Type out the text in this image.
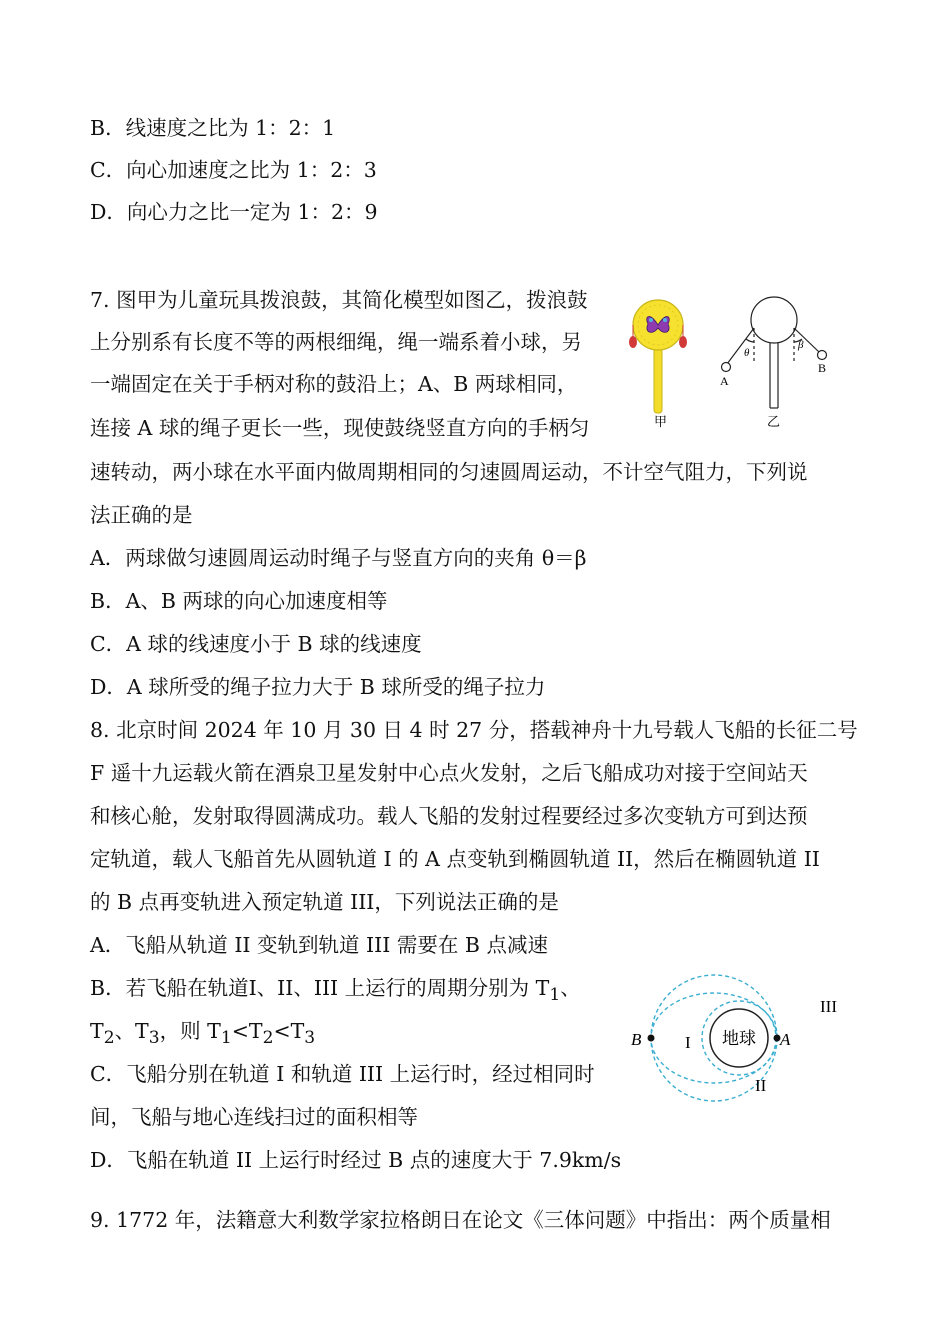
B．线速度之比为 1：2：1
C．向心加速度之比为 1：2：3
D．向心力之比一定为 1：2：9
7. 图甲为儿童玩具拨浪鼓，其简化模型如图乙，拨浪鼓
上分别系有长度不等的两根细绳，绳一端系着小球，另
一端固定在关于手柄对称的鼓沿上；A、B 两球相同，
连接 A 球的绳子更长一些，现使鼓绕竖直方向的手柄匀
速转动，两小球在水平面内做周期相同的匀速圆周运动，不计空气阻力，下列说
法正确的是
A．两球做匀速圆周运动时绳子与竖直方向的夹角 θ＝β
B．A、B 两球的向心加速度相等
C．A 球的线速度小于 B 球的线速度
D．A 球所受的绳子拉力大于 B 球所受的绳子拉力
甲
θ
β
A
B
乙
8. 北京时间 2024 年 10 月 30 日 4 时 27 分，搭载神舟十九号载人飞船的长征二号
F 遥十九运载火箭在酒泉卫星发射中心点火发射，之后飞船成功对接于空间站天
和核心舱，发射取得圆满成功。载人飞船的发射过程要经过多次变轨方可到达预
定轨道，载人飞船首先从圆轨道 I 的 A 点变轨到椭圆轨道 II，然后在椭圆轨道 II
的 B 点再变轨进入预定轨道 III，下列说法正确的是
A．飞船从轨道 II 变轨到轨道 III 需要在 B 点减速
B．若飞船在轨道Ⅰ、II、III 上运行的周期分别为 $T_1$、
$T_2$、$T_3$，则 $T_1<T_2<T_3$
C．飞船分别在轨道 I 和轨道 III 上运行时，经过相同时
间，飞船与地心连线扫过的面积相等
D．飞船在轨道 II 上运行时经过 B 点的速度大于 7.9km/s
地球
B	A
I
II
III
9. 1772 年，法籍意大利数学家拉格朗日在论文《三体问题》中指出：两个质量相
